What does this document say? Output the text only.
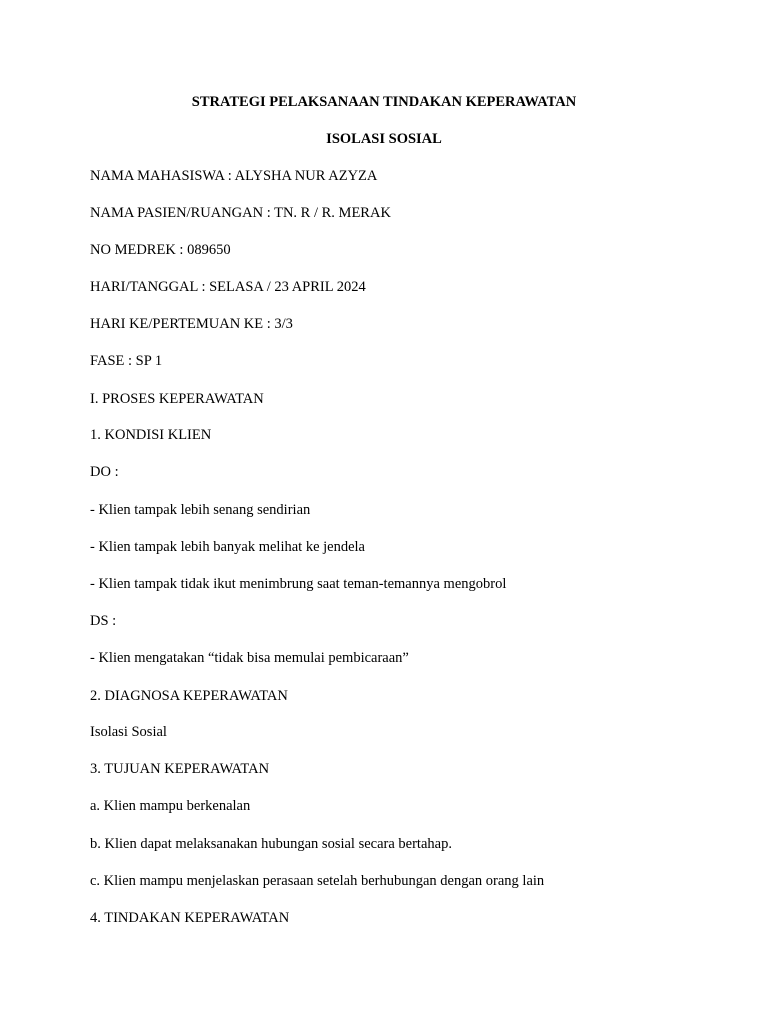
STRATEGI PELAKSANAAN TINDAKAN KEPERAWATAN
ISOLASI SOSIAL
NAMA MAHASISWA : ALYSHA NUR AZYZA
NAMA PASIEN/RUANGAN : TN. R / R. MERAK
NO MEDREK : 089650
HARI/TANGGAL : SELASA / 23 APRIL 2024
HARI KE/PERTEMUAN KE : 3/3
FASE : SP 1
I. PROSES KEPERAWATAN
1. KONDISI KLIEN
DO :
- Klien tampak lebih senang sendirian
- Klien tampak lebih banyak melihat ke jendela
- Klien tampak tidak ikut menimbrung saat teman-temannya mengobrol
DS :
- Klien mengatakan “tidak bisa memulai pembicaraan”
2. DIAGNOSA KEPERAWATAN
Isolasi Sosial
3. TUJUAN KEPERAWATAN
a. Klien mampu berkenalan
b. Klien dapat melaksanakan hubungan sosial secara bertahap.
c. Klien mampu menjelaskan perasaan setelah berhubungan dengan orang lain
4. TINDAKAN KEPERAWATAN
